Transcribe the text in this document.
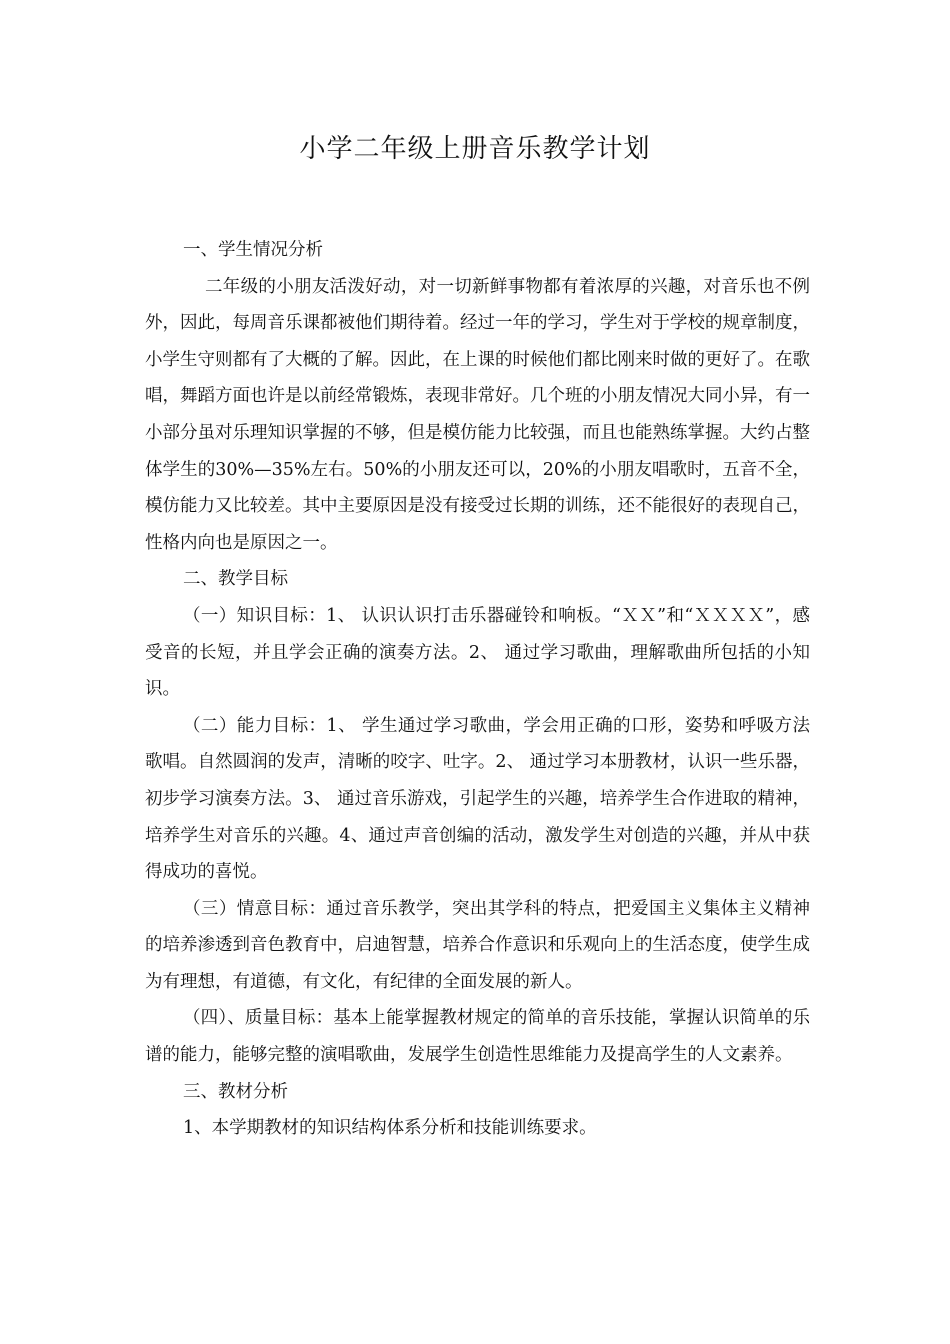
小学二年级上册音乐教学计划

一、学生情况分析

二年级的小朋友活泼好动，对一切新鲜事物都有着浓厚的兴趣，对音乐也不例外，因此，每周音乐课都被他们期待着。经过一年的学习，学生对于学校的规章制度，小学生守则都有了大概的了解。因此，在上课的时候他们都比刚来时做的更好了。在歌唱，舞蹈方面也许是以前经常锻炼，表现非常好。几个班的小朋友情况大同小异，有一小部分虽对乐理知识掌握的不够，但是模仿能力比较强，而且也能熟练掌握。大约占整体学生的30%—35%左右。50%的小朋友还可以，20%的小朋友唱歌时，五音不全，模仿能力又比较差。其中主要原因是没有接受过长期的训练，还不能很好的表现自己，性格内向也是原因之一。

二、教学目标

（一）知识目标：1、 认识认识打击乐器碰铃和响板。“ＸＸ”和“ＸＸＸＸ”，感受音的长短，并且学会正确的演奏方法。2、 通过学习歌曲，理解歌曲所包括的小知识。

（二）能力目标：1、 学生通过学习歌曲，学会用正确的口形，姿势和呼吸方法歌唱。自然圆润的发声，清晰的咬字、吐字。2、 通过学习本册教材，认识一些乐器，初步学习演奏方法。3、 通过音乐游戏，引起学生的兴趣，培养学生合作进取的精神，培养学生对音乐的兴趣。4、通过声音创编的活动，激发学生对创造的兴趣，并从中获得成功的喜悦。

（三）情意目标：通过音乐教学，突出其学科的特点，把爱国主义集体主义精神的培养渗透到音色教育中，启迪智慧，培养合作意识和乐观向上的生活态度，使学生成为有理想，有道德，有文化，有纪律的全面发展的新人。

（四）、质量目标：基本上能掌握教材规定的简单的音乐技能，掌握认识简单的乐谱的能力，能够完整的演唱歌曲，发展学生创造性思维能力及提高学生的人文素养。

三、教材分析

1、本学期教材的知识结构体系分析和技能训练要求。
